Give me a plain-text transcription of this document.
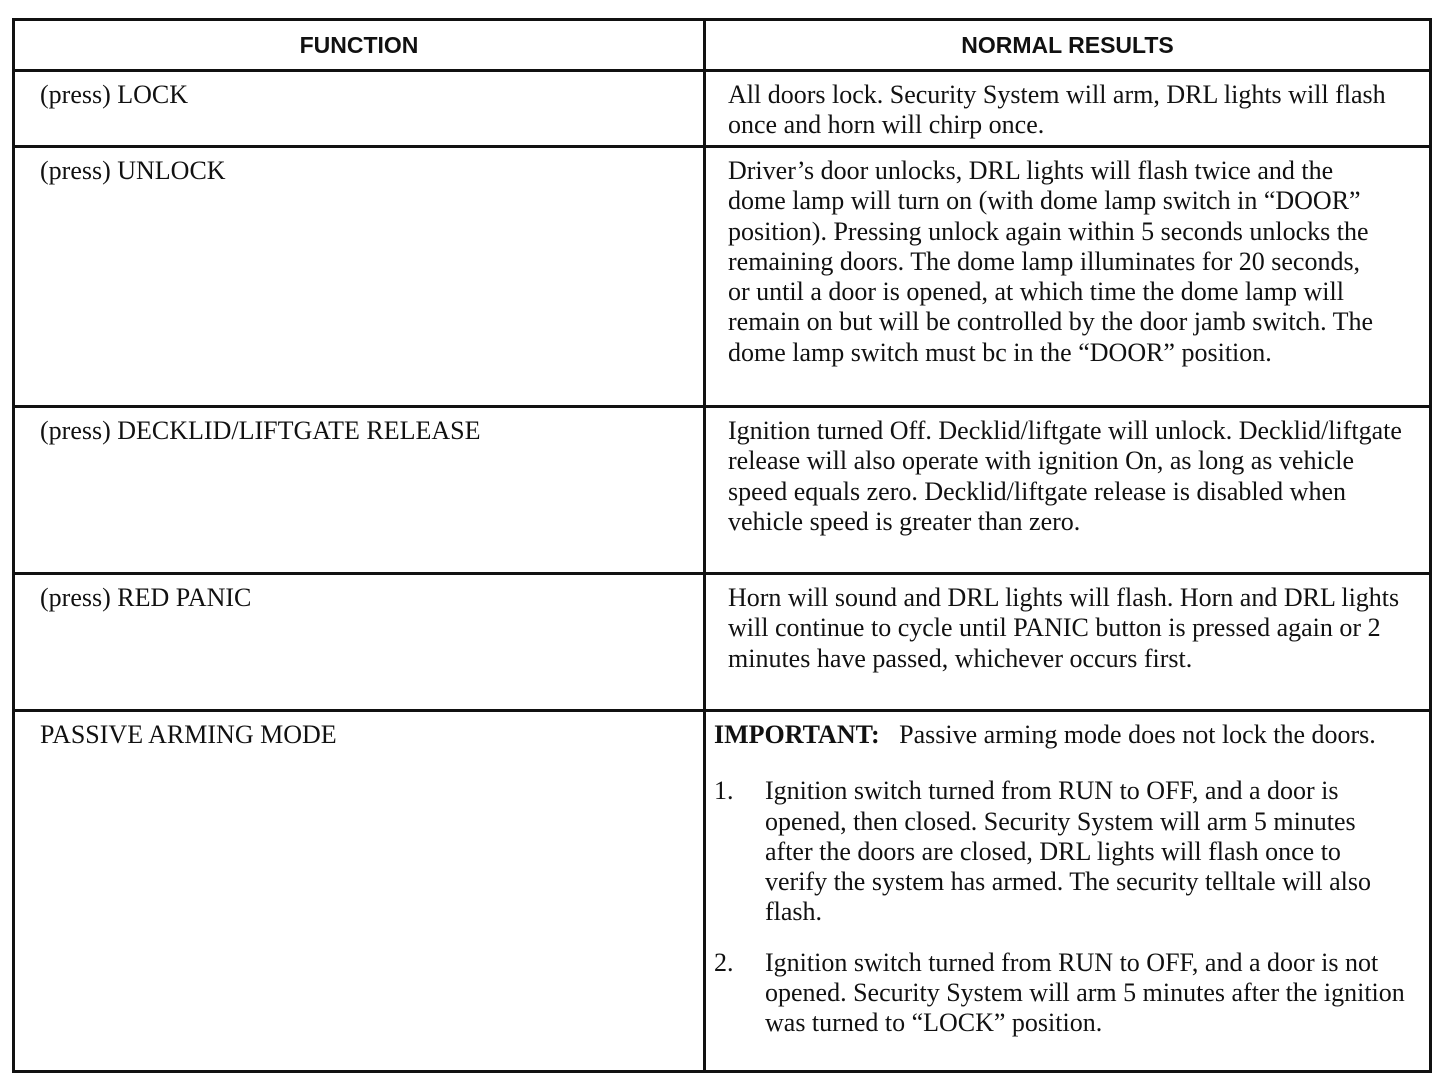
FUNCTION	NORMAL RESULTS

(press) LOCK	All doors lock. Security System will arm, DRL lights will flash once and horn will chirp once.

(press) UNLOCK	Driver’s door unlocks, DRL lights will flash twice and the dome lamp will turn on (with dome lamp switch in “DOOR” position). Pressing unlock again within 5 seconds unlocks the remaining doors. The dome lamp illuminates for 20 seconds, or until a door is opened, at which time the dome lamp will remain on but will be controlled by the door jamb switch. The dome lamp switch must bc in the “DOOR” position.

(press) DECKLID/LIFTGATE RELEASE	Ignition turned Off. Decklid/liftgate will unlock. Decklid/liftgate release will also operate with ignition On, as long as vehicle speed equals zero. Decklid/liftgate release is disabled when vehicle speed is greater than zero.

(press) RED PANIC	Horn will sound and DRL lights will flash. Horn and DRL lights will continue to cycle until PANIC button is pressed again or 2 minutes have passed, whichever occurs first.

PASSIVE ARMING MODE	IMPORTANT: Passive arming mode does not lock the doors.

1.	Ignition switch turned from RUN to OFF, and a door is opened, then closed. Security System will arm 5 minutes after the doors are closed, DRL lights will flash once to verify the system has armed. The security telltale will also flash.
2.	Ignition switch turned from RUN to OFF, and a door is not opened. Security System will arm 5 minutes after the ignition was turned to “LOCK” position.
